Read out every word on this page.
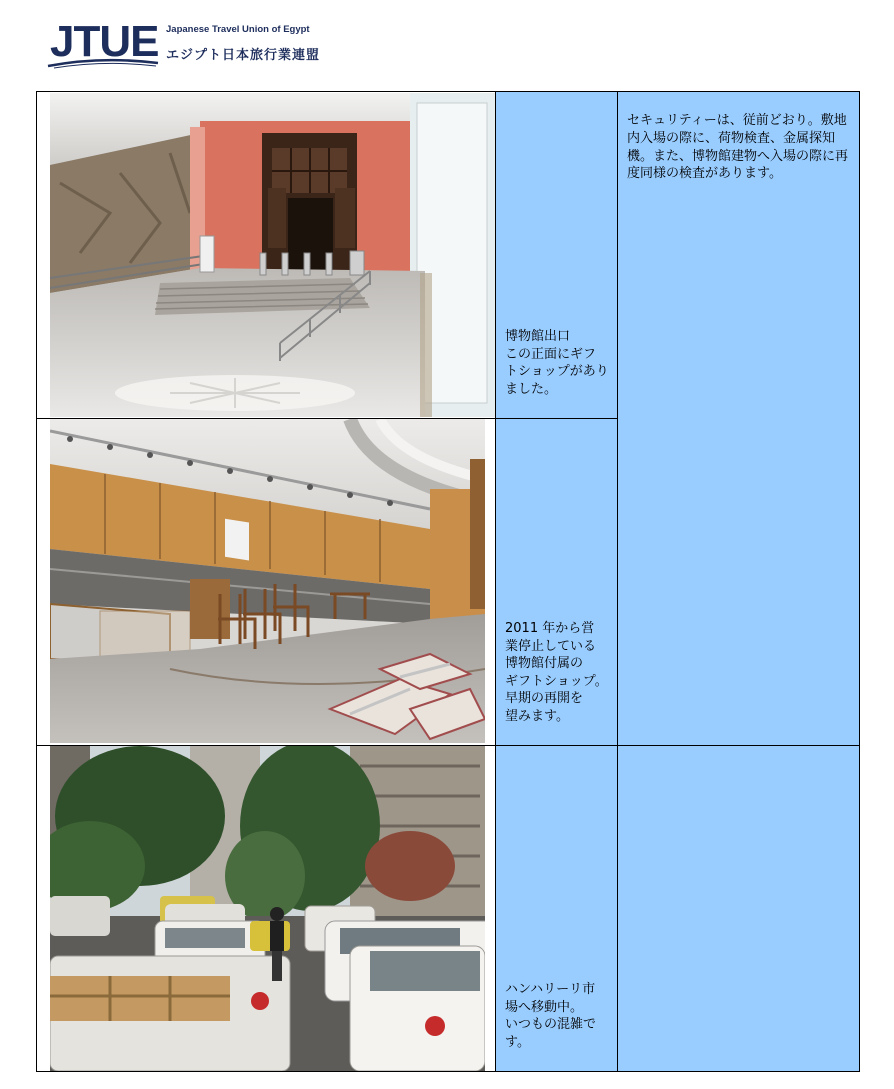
JTUE Japanese Travel Union of Egypt
エジプト日本旅行業連盟
博物館出口
この正面にギフ
トショップがあり
ました。
2011 年から営
業停止している
博物館付属の
ギフトショップ。
早期の再開を
望みます。
ハンハリーリ市
場へ移動中。
いつもの混雑で
す。
セキュリティーは、従前どおり。敷地内入場の際に、荷物検査、金属探知機。また、博物館建物へ入場の際に再度同様の検査があります。
